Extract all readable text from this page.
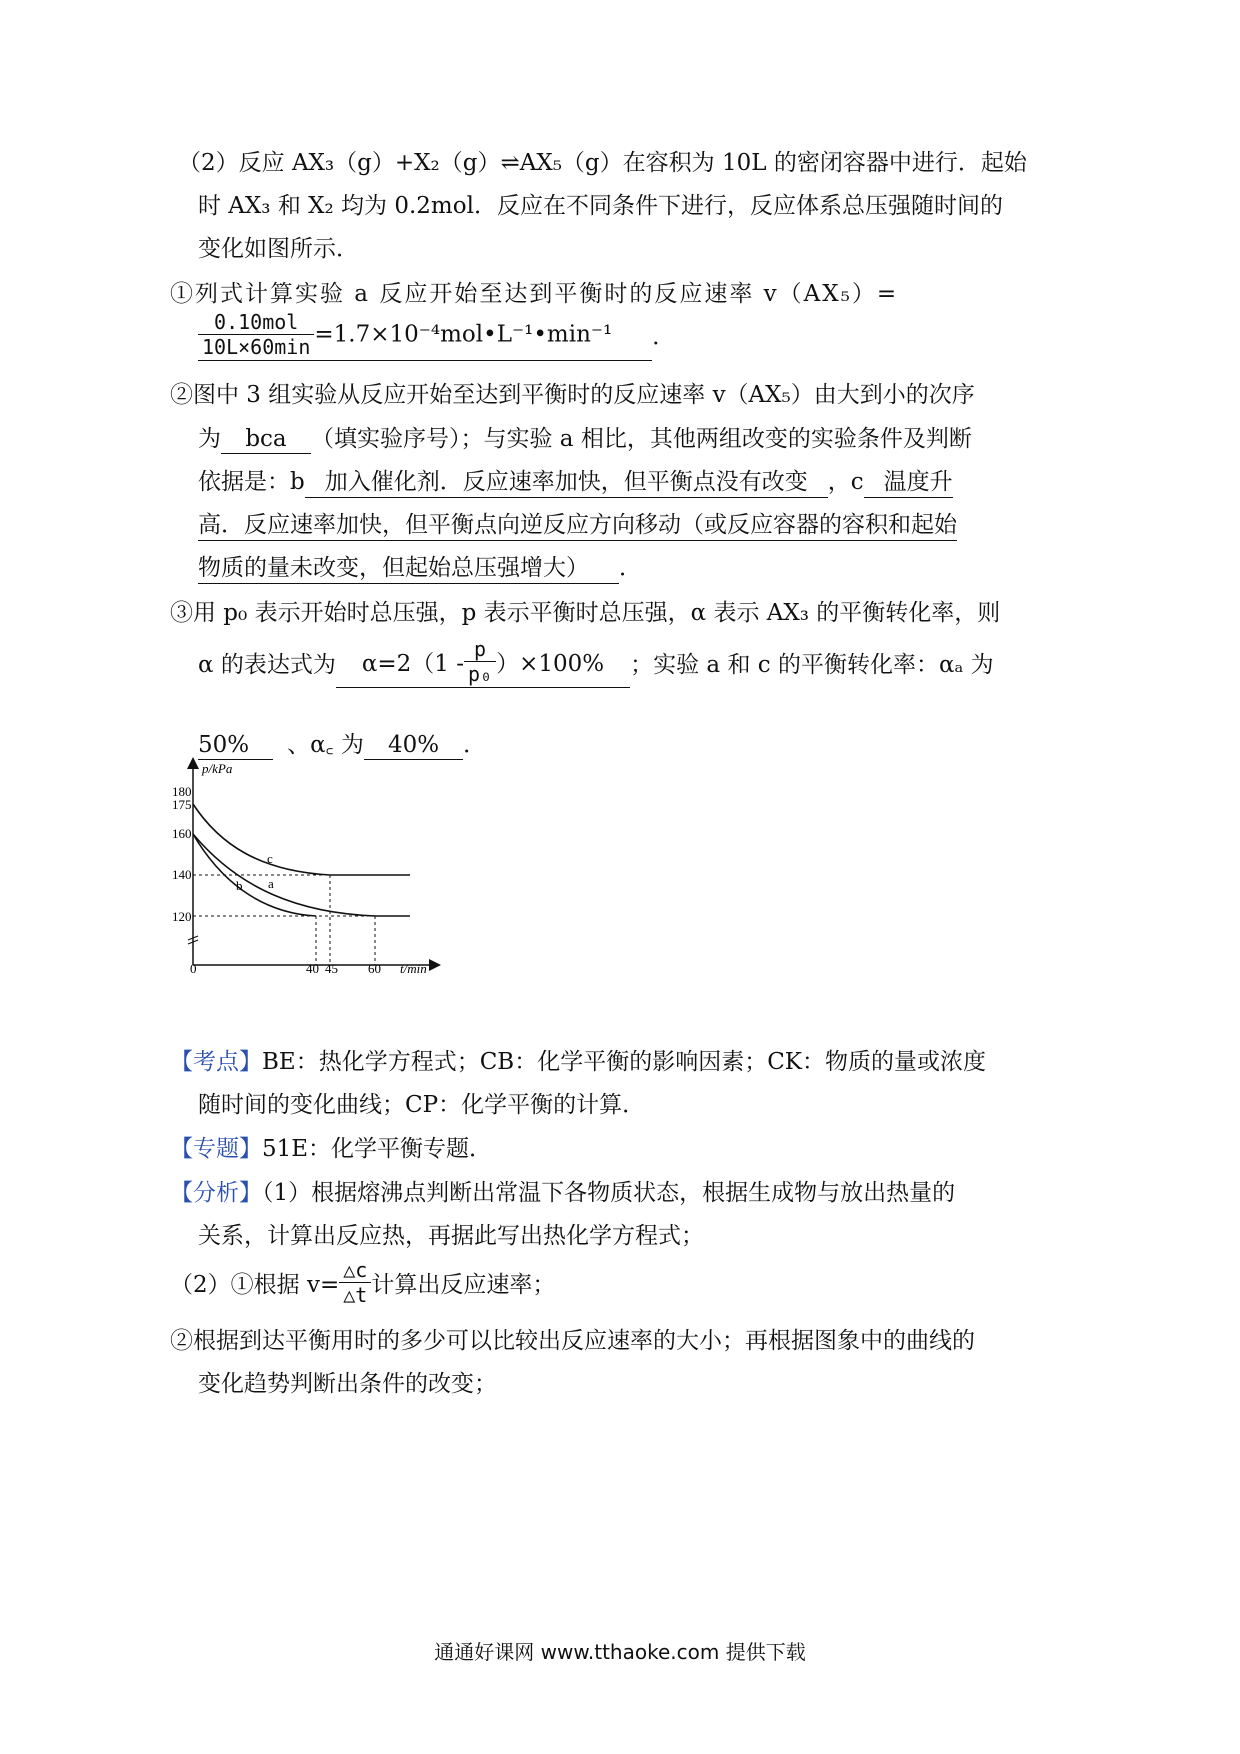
（2）反应 AX₃（g）+X₂（g）⇌AX₅（g）在容积为 10L 的密闭容器中进行．起始
时 AX₃ 和 X₂ 均为 0.2mol．反应在不同条件下进行，反应体系总压强随时间的
变化如图所示．
①列式计算实验 a 反应开始至达到平衡时的反应速率 v（AX₅）=
$\frac{\text{0.10mol}}{10L\times 60\min}$ =1.7×10⁻⁴mol•L⁻¹•min⁻¹ ．
②图中 3 组实验从反应开始至达到平衡时的反应速率 v（AX₅）由大到小的次序
为 bca （填实验序号）；与实验 a 相比，其他两组改变的实验条件及判断
依据是：b 加入催化剂．反应速率加快，但平衡点没有改变 ，c 温度升
高．反应速率加快，但平衡点向逆反应方向移动（或反应容器的容积和起始
物质的量未改变，但起始总压强增大） ．
③用 p₀ 表示开始时总压强，p 表示平衡时总压强，α 表示 AX₃ 的平衡转化率，则
α 的表达式为 $\alpha=2(1 - \frac{p}{\text{p₀}} )\times 100\%$ ；实验 a 和 c 的平衡转化率：αₐ 为
50% 、α꜀ 为 40% ．
p/kPa
t/min
180
175
160
140
120
0	40 45 60
c
a
b
【考点】BE：热化学方程式；CB：化学平衡的影响因素；CK：物质的量或浓度
随时间的变化曲线；CP：化学平衡的计算．
【专题】51E：化学平衡专题．
【分析】（1）根据熔沸点判断出常温下各物质状态，根据生成物与放出热量的
关系，计算出反应热，再据此写出热化学方程式；
（2）①根据 $v= \frac{\triangle c}{\triangle t}$ 计算出反应速率；
②根据到达平衡用时的多少可以比较出反应速率的大小；再根据图象中的曲线的
变化趋势判断出条件的改变；
通通好课网 www.tthaoke.com 提供下载
